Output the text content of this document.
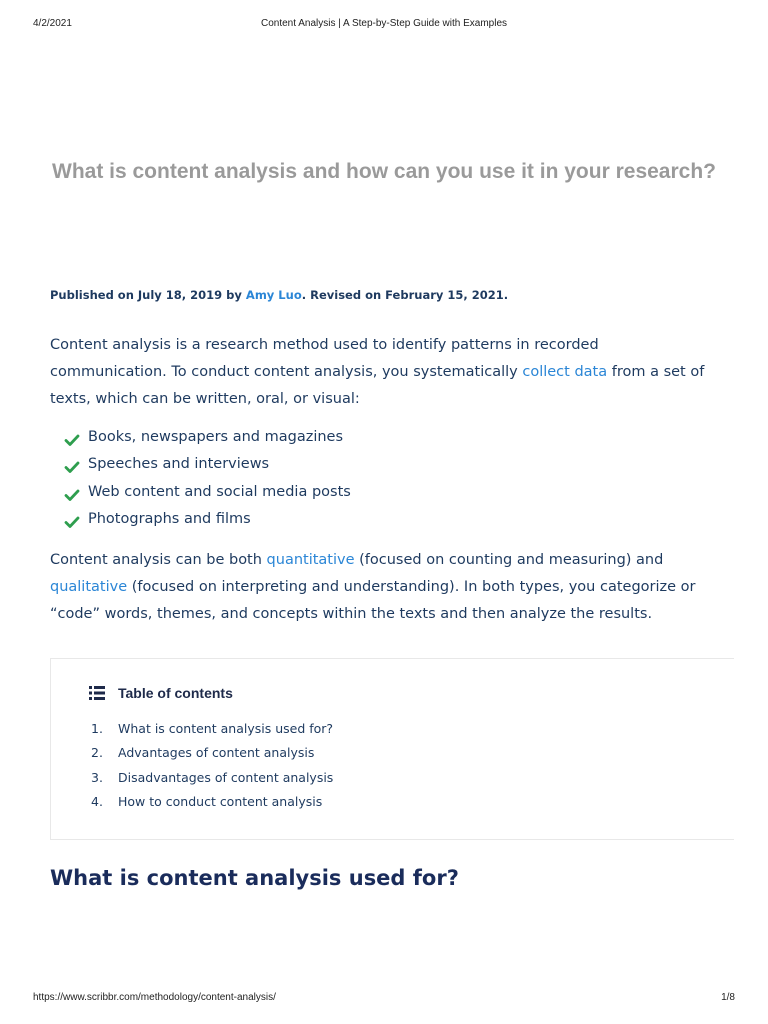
4/2/2021	Content Analysis | A Step-by-Step Guide with Examples
What is content analysis and how can you use it in your research?
Published on July 18, 2019 by Amy Luo. Revised on February 15, 2021.

Content analysis is a research method used to identify patterns in recorded communication. To conduct content analysis, you systematically collect data from a set of texts, which can be written, oral, or visual:

Books, newspapers and magazines
Speeches and interviews
Web content and social media posts
Photographs and films

Content analysis can be both quantitative (focused on counting and measuring) and qualitative (focused on interpreting and understanding). In both types, you categorize or “code” words, themes, and concepts within the texts and then analyze the results.

Table of contents
1.	What is content analysis used for?
2.	Advantages of content analysis
3.	Disadvantages of content analysis
4.	How to conduct content analysis
What is content analysis used for?
https://www.scribbr.com/methodology/content-analysis/	1/8
